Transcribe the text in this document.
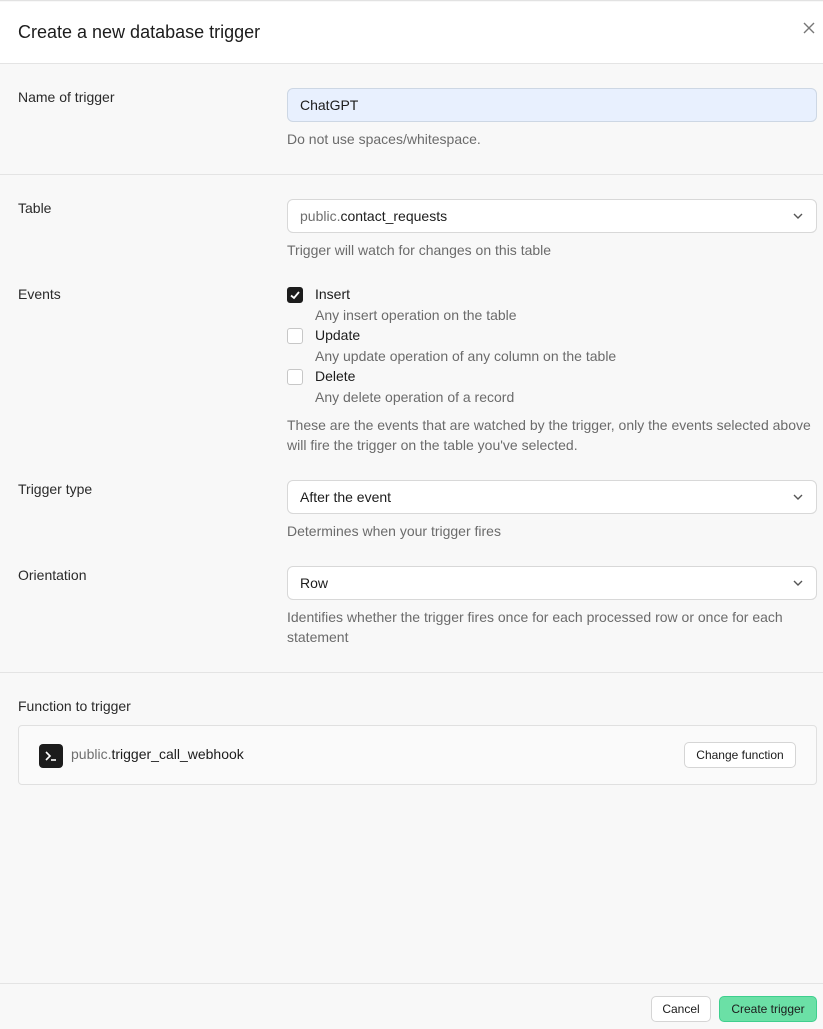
Create a new database trigger
Name of trigger	ChatGPT
Do not use spaces/whitespace.
Table	public.contact_requests
Trigger will watch for changes on this table
Events	Insert
Any insert operation on the table
Update
Any update operation of any column on the table
Delete
Any delete operation of a record
These are the events that are watched by the trigger, only the events selected above
will fire the trigger on the table you've selected.
Trigger type	After the event
Determines when your trigger fires
Orientation	Row
Identifies whether the trigger fires once for each processed row or once for each
statement
Function to trigger
public.trigger_call_webhook	Change function
Cancel	Create trigger
